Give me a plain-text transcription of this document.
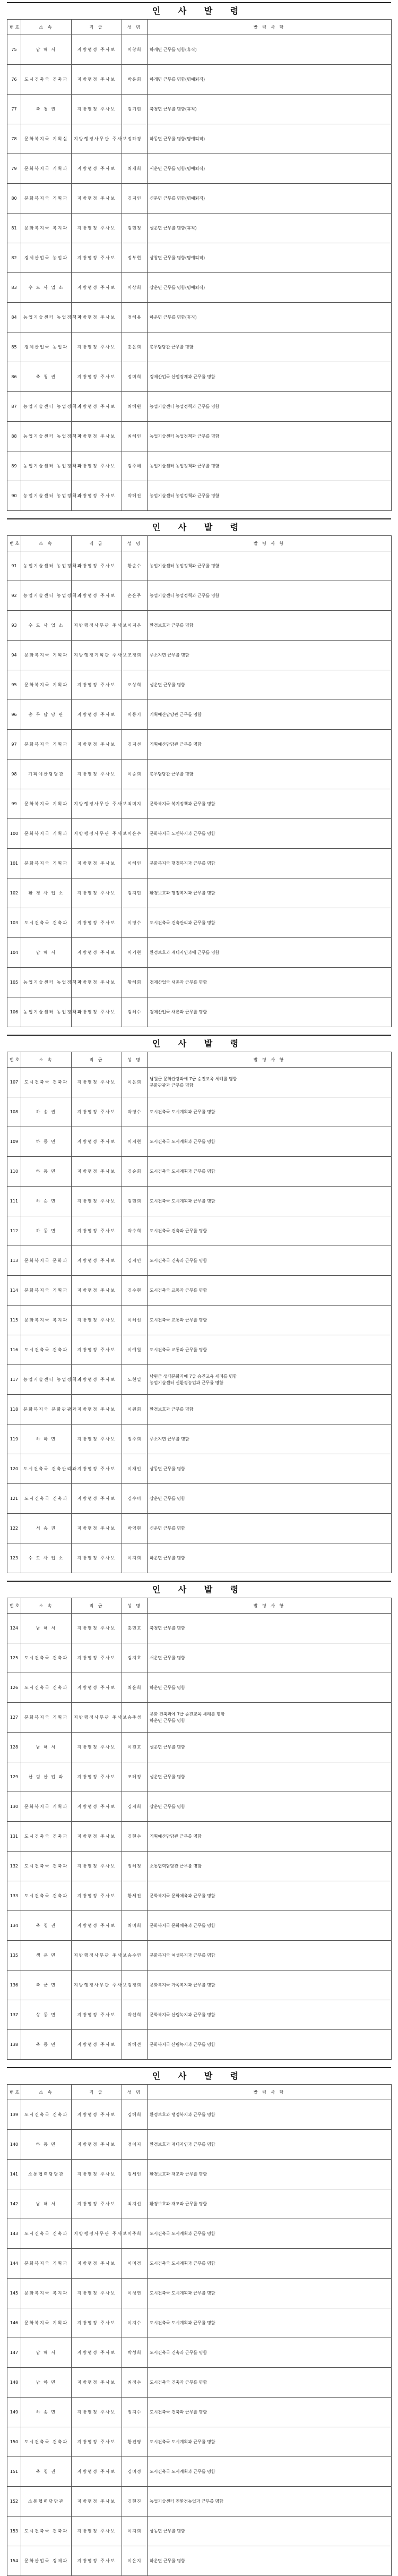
인 사 발 령
번호	소 속	직 급	성 명	발 령 사 항
75	남 해 서	지방행정 주사보	이창희	하게면 근무를 명함(휴직)
76	도시건축국 건축과	지방행정 주사보	박윤희	하게면 근무를 명함(명예퇴직)
77	축 청 권	지방행정 주사보	김기현	축청면 근무를 명함(휴직)
78	문화복지국 기획실	지방행정사무관 주사보	정하경	하동면 근무를 명함(명예퇴직)
79	문화복지국 기획과	지방행정 주사보	최재희	서운면 근무를 명함(명예퇴직)
80	문화복지국 기획과	지방행정 주사보	김지인	신문면 근무를 명함(명예퇴직)
81	문화복지국 복지과	지방행정 주사보	김현정	생운면 근무를 명함(휴직)
82	경제산업국 농업과	지방행정 주사보	정부현	상창면 근무를 명함(명예퇴직)
83	수 도 사 업 소	지방행정 주사보	이상희	상운면 근무를 명함(명예퇴직)
84	농업기술센터 농업정책과	지방행정 주사보	정혜용	하운면 근무를 명함(휴직)
85	경제산업국 농업과	지방행정 주사보	홍은희	총무담당관 근무를 명함
86	축 청 권	지방행정 주사보	정미희	경제산업국 산업경제과 근무를 명함
87	농업기술센터 농업정책과	지방행정 주사보	최혜원	농업기술센터 농업정책과 근무를 명함
88	농업기술센터 농업정책과	지방행정 주사보	최혜인	농업기술센터 농업정책과 근무를 명함
89	농업기술센터 농업정책과	지방행정 주사보	김주해	농업기술센터 농업정책과 근무를 명함
90	농업기술센터 농업정책과	지방행정 주사보	박혜진	농업기술센터 농업정책과 근무를 명함
인 사 발 령
번호	소 속	직 급	성 명	발 령 사 항
91	농업기술센터 농업정책과	지방행정 주사보	황순수	농업기술센터 농업정책과 근무를 명함
92	농업기술센터 농업정책과	지방행정 주사보	손은주	농업기술센터 농업정책과 근무를 명함
93	수 도 사 업 소	지방행정사무관 주사보	이지은	환경보호과 근무를 명함
94	문화복지국 기획과	지방행정기획관 주사보	조정희	주소지면 근무를 명함
95	문화복지국 기획과	지방행정 주사보	오상희	생운면 근무를 명함
96	총 무 담 당 관	지방행정 주사보	이동기	기획예산담당관 근무를 명함
97	문화복지국 기획과	지방행정 주사보	김지선	기획예산담당관 근무를 명함
98	기획예산담당관	지방행정 주사보	이승희	총무담당관 근무를 명함
99	문화복지국 기획과	지방행정사무관 주사보	최미지	문화복지국 복지정책과 근무를 명함
100	문화복지국 기획과	지방행정사무관 주사보	이은수	문화복지국 노인복지과 근무를 명함
101	문화복지국 기획과	지방행정 주사보	이혜인	문화복지국 행정복지과 근무를 명함
102	환 경 사 업 소	지방행정 주사보	김지민	환경보호과 행정복지과 근무를 명함
103	도시건축국 건축과	지방행정 주사보	이영수	도시건축국 건축관리과 근무를 명함
104	남 해 서	지방행정 주사보	이기현	환경보호과 재디자인과에 근무를 명함
105	농업기술센터 농업정책과	지방행정 주사보	황혜희	경제산업국 새촌과 근무를 명함
106	농업기술센터 농업정책과	지방행정 주사보	김혜수	경제산업국 새촌과 근무를 명함
인 사 발 령
번호	소 속	직 급	성 명	발 령 사 항
107	도시건축국 건축과	지방행정 주사보	이은희	남원군 문화관광과에 7급 승진교육 세례를 명함
문화관광과 근무를 명함
108	하 송 권	지방행정 주사보	박영수	도시건축국 도시계획과 근무를 명함
109	하 동 면	지방행정 주사보	이지현	도시건축국 도시계획과 근무를 명함
110	하 동 면	지방행정 주사보	김순희	도시건축국 도시계획과 근무를 명함
111	하 순 면	지방행정 주사보	김현희	도시건축국 도시계획과 근무를 명함
112	하 동 면	지방행정 주사보	박수희	도시건축국 건축과 근무를 명함
113	문화복지국 문화과	지방행정 주사보	김지인	도시건축국 건축과 근무를 명함
114	문화복지국 기획과	지방행정 주사보	김수현	도시건축국 교통과 근무를 명함
115	문화복지국 복지과	지방행정 주사보	이혜선	도시건축국 교통과 근무를 명함
116	도시건축국 건축과	지방행정 주사보	이예원	도시건축국 교통과 근무를 명함
117	농업기술센터 농업정책과	지방행정 주사보	노현일	남원군 생태문화과에 7급 승진교육 세례를 명함
농업기술센터 신환경농업과 근무를 명함
118	문화복지국 문화관광과	지방행정 주사보	이원희	환경보호과 근무를 명함
119	하 하 면	지방행정 주사보	정주희	주소지면 근무를 명함
120	도시건축국 건축관리과	지방행정 주사보	이재인	상동면 근무를 명함
121	도시건축국 건축과	지방행정 주사보	김수미	상운면 근무를 명함
122	서 송 권	지방행정 주사보	박영현	신운면 근무를 명함
123	수 도 사 업 소	지방행정 주사보	이지희	하운면 근무를 명함
인 사 발 령
번호	소 속	직 급	성 명	발 령 사 항
124	남 해 서	지방행정 주사보	홍민호	축청면 근무를 명함
125	도시건축국 건축과	지방행정 주사보	김지호	서운면 근무를 명함
126	도시건축국 건축과	지방행정 주사보	최윤희	하운면 근무를 명함
127	문화복지국 기획과	지방행정사무관 주사보	송주성	문화 건축과에 7급 승진교육 세례를 명함
하운면 근무를 명함
128	남 해 서	지방행정 주사보	이진호	생운면 근무를 명함
129	산 림 산 업 과	지방행정 주사보	조혜정	생운면 근무를 명함
130	문화복지국 기획과	지방행정 주사보	김지희	상운면 근무를 명함
131	도시건축국 건축과	지방행정 주사보	김현수	기획예산담당관 근무를 명함
132	도시건축국 건축과	지방행정 주사보	정혜정	소통협력담당관 근무를 명함
133	도시건축국 건축과	지방행정 주사보	황세진	문화복지국 문화체육과 근무를 명함
134	축 청 권	지방행정 주사보	최미희	문화복지국 문화체육과 근무를 명함
135	생 운 면	지방행정사무관 주사보	송수연	문화복지국 여성복지과 근무를 명함
136	축 군 면	지방행정사무관 주사보	김정희	문화복지국 가족복지과 근무를 명함
137	상 동 면	지방행정 주사보	박선희	문화복지국 산림녹지과 근무를 명함
138	축 동 면	지방행정 주사보	최혜선	문화복지국 산림녹지과 근무를 명함
인 사 발 령
번호	소 속	직 급	성 명	발 령 사 항
139	도시건축국 건축과	지방행정 주사보	김혜희	환경보호과 행정복지과 근무를 명함
140	하 동 면	지방행정 주사보	정이지	환경보호과 재디자인과 근무를 명함
141	소통협력담당관	지방행정 주사보	김세인	환경보호과 재조과 근무를 명함
142	남 해 서	지방행정 주사보	최지선	환경보호과 재조과 근무를 명함
143	도시건축국 건축과	지방행정사무관 주사보	이주희	도시건축국 도시계획과 근무를 명함
144	문화복지국 기획과	지방행정 주사보	이미경	도시건축국 도시계획과 근무를 명함
145	문화복지국 복지과	지방행정 주사보	이성연	도시건축국 도시계획과 근무를 명함
146	문화복지국 기획과	지방행정 주사보	이지수	도시건축국 도시계획과 근무를 명함
147	남 해 서	지방행정 주사보	박성희	도시건축국 건축과 근무를 명함
148	남 하 면	지방행정 주사보	최정수	도시건축국 건축과 근무를 명함
149	하 송 면	지방행정 주사보	정지수	도시건축국 건축과 근무를 명함
150	도시건축국 건축과	지방행정 주사보	황진영	도시건축국 도시계획과 근무를 명함
151	축 청 권	지방행정 주사보	김미정	도시건축국 도시계획과 근무를 명함
152	소통협력담당관	지방행정 주사보	김현진	농업기술센터 친환경농업과 근무를 명함
153	도시건축국 건축과	지방행정 주사보	이지희	상동면 근무를 명함
154	문화산업국 경제과	지방행정 주사보	이은지	하운면 근무를 명함
